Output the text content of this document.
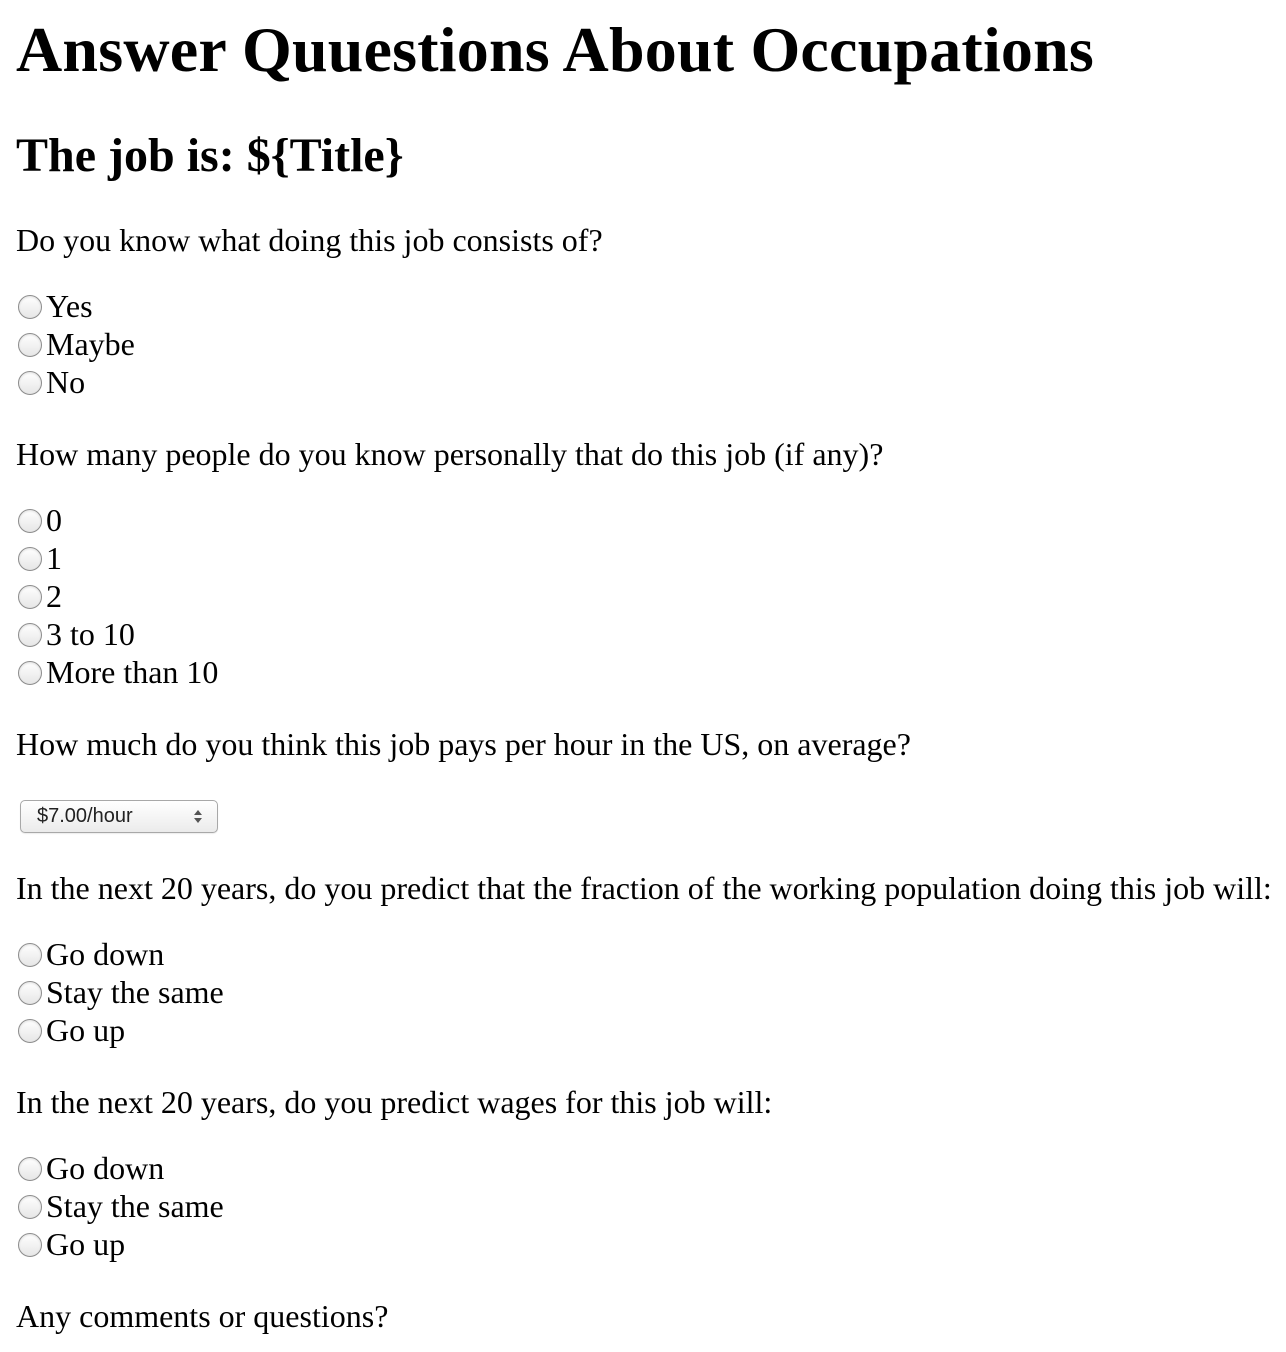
Answer Quuestions About Occupations
The job is: ${Title}

Do you know what doing this job consists of?

Yes
Maybe
No

How many people do you know personally that do this job (if any)?

0
1
2
3 to 10
More than 10

How much do you think this job pays per hour in the US, on average?

$7.00/hour

In the next 20 years, do you predict that the fraction of the working population doing this job will:

Go down
Stay the same
Go up

In the next 20 years, do you predict wages for this job will:

Go down
Stay the same
Go up

Any comments or questions?
